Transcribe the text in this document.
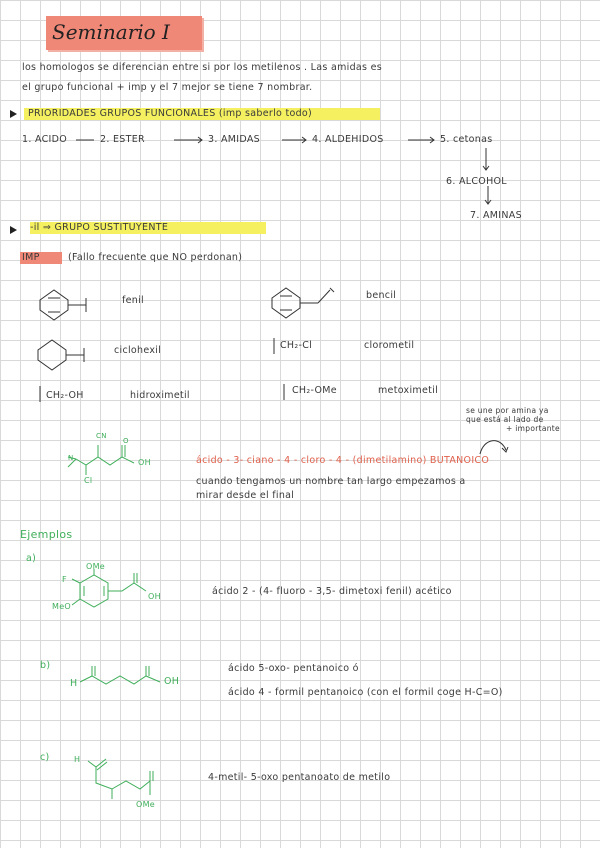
Seminario I
los homologos se diferencian entre si por los metilenos . Las amidas es
el grupo funcional + imp y el 7 mejor se tiene 7 nombrar.
PRIORIDADES GRUPOS FUNCIONALES (imp saberlo todo)
1. ACIDO	2. ESTER	3. AMIDAS	4. ALDEHIDOS	5. cetonas
6. ALCOHOL
7. AMINAS
-il ⇒ GRUPO SUSTITUYENTE
IMP	(Fallo frecuente que NO perdonan)
fenil	bencil
ciclohexil	CH₂-Cl	clorometil
CH₂-OH	hidroximetil	CH₂-OMe	metoximetil
se une por amina ya
que está al lado de
+ importante
CN
O
OH
Cl
N	ácido - 3- ciano - 4 - cloro - 4 - (dimetilamino) BUTANOICO
cuando tengamos un nombre tan largo empezamos a
mirar desde el final
Ejemplos
a)
OMe
F
MeO
OH	ácido 2 - (4- fluoro - 3,5- dimetoxi fenil) acético
b)
H	OH
ácido 5-oxo- pentanoico ó
ácido 4 - formil pentanoico (con el formil coge H-C=O)
c)	H
OMe
4-metil- 5-oxo pentanoato de metilo
